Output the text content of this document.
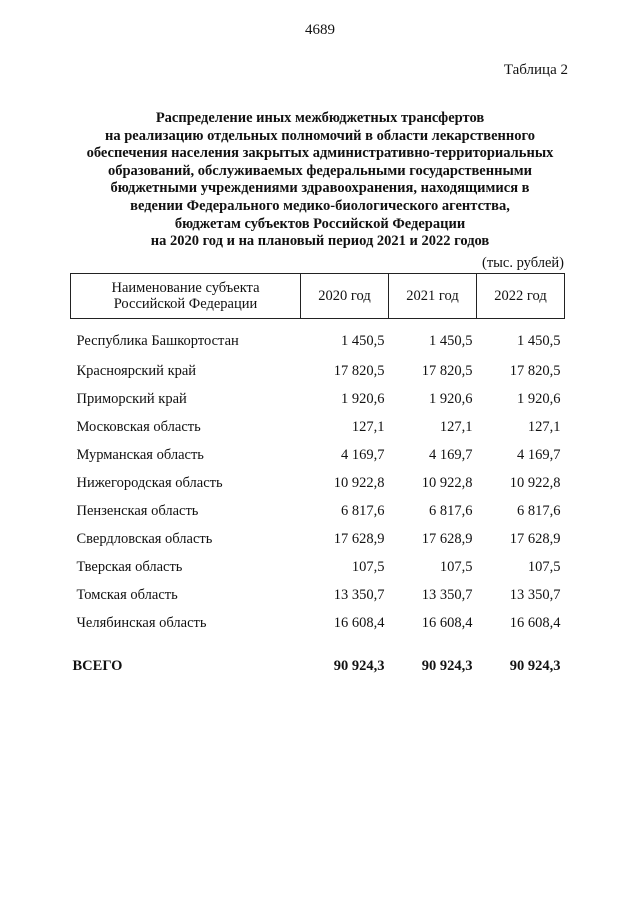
4689
Таблица 2
Распределение иных межбюджетных трансфертов
на реализацию отдельных полномочий в области лекарственного
обеспечения населения закрытых административно-территориальных
образований, обслуживаемых федеральными государственными
бюджетными учреждениями здравоохранения, находящимися в
ведении Федерального медико-биологического агентства,
бюджетам субъектов Российской Федерации
на 2020 год и на плановый период 2021 и 2022 годов
(тыс. рублей)
Наименование субъекта Российской Федерации	2020 год	2021 год	2022 год
Республика Башкортостан	1 450,5	1 450,5	1 450,5
Красноярский край	17 820,5	17 820,5	17 820,5
Приморский край	1 920,6	1 920,6	1 920,6
Московская область	127,1	127,1	127,1
Мурманская область	4 169,7	4 169,7	4 169,7
Нижегородская область	10 922,8	10 922,8	10 922,8
Пензенская область	6 817,6	6 817,6	6 817,6
Свердловская область	17 628,9	17 628,9	17 628,9
Тверская область	107,5	107,5	107,5
Томская область	13 350,7	13 350,7	13 350,7
Челябинская область	16 608,4	16 608,4	16 608,4
ВСЕГО	90 924,3	90 924,3	90 924,3
